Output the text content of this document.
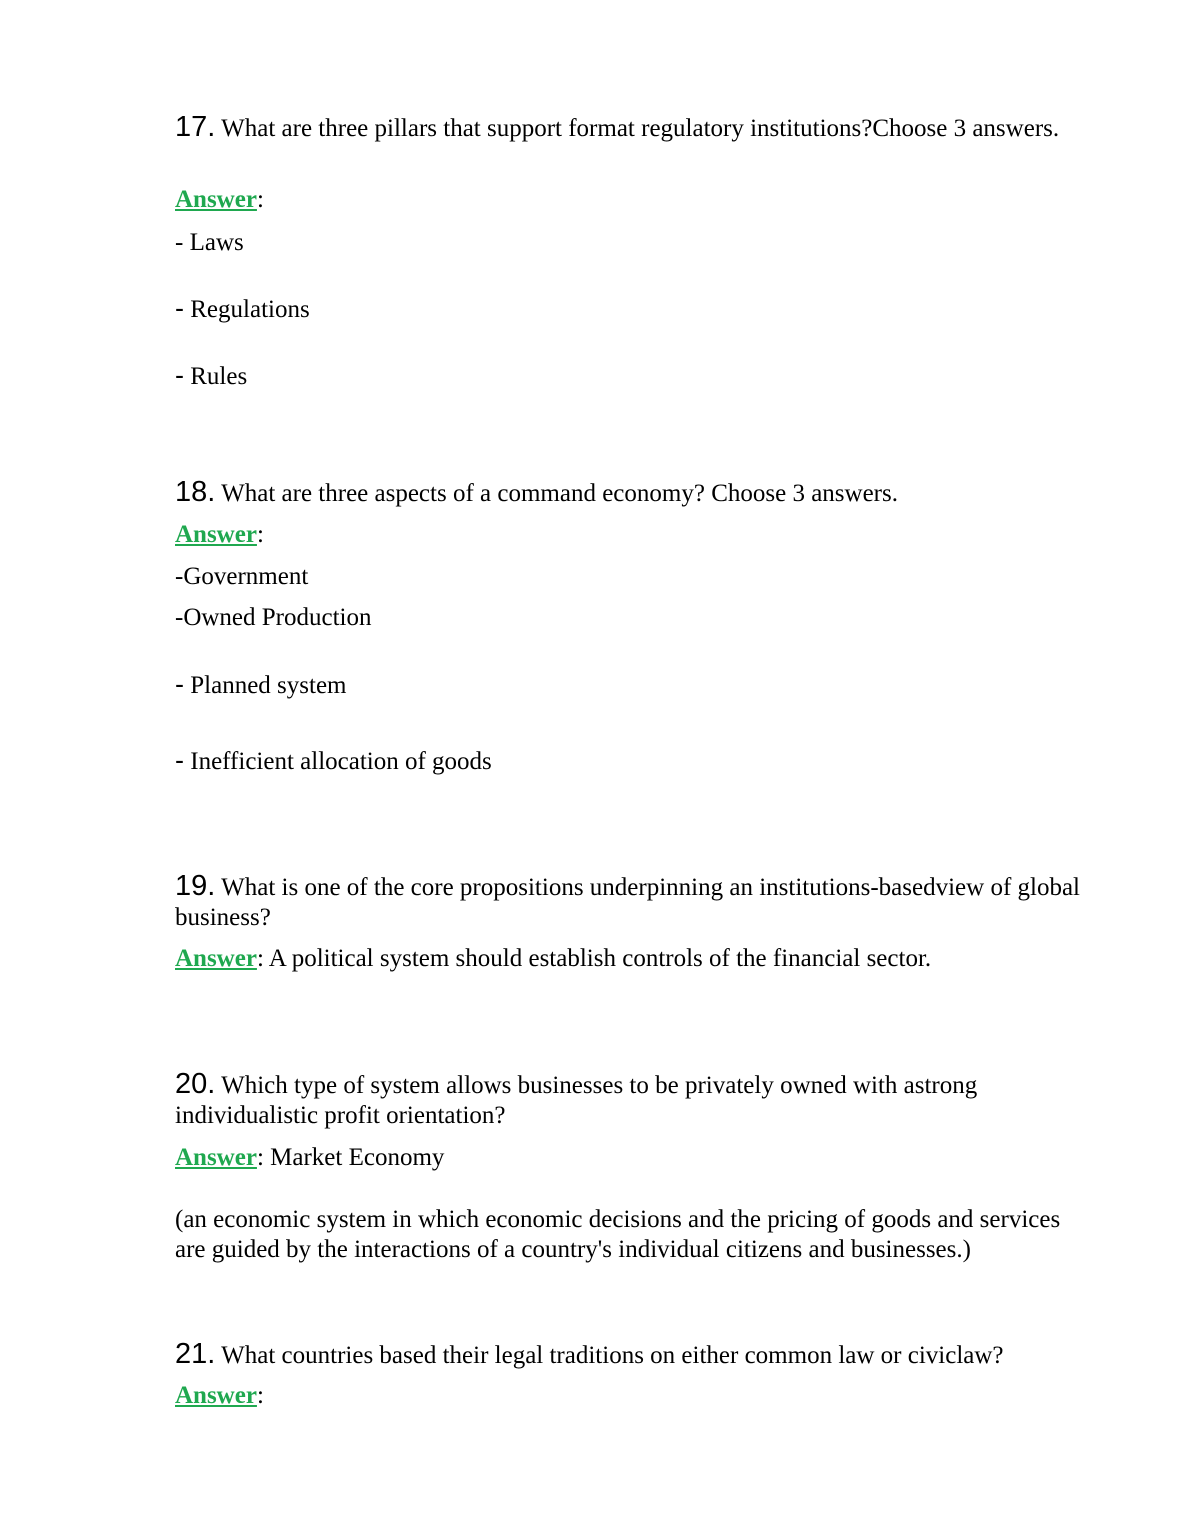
17. What are three pillars that support format regulatory institutions?Choose 3 answers.

Answer:

- Laws

- Regulations

- Rules

18. What are three aspects of a command economy? Choose 3 answers.

Answer:

-Government

-Owned Production

- Planned system

- Inefficient allocation of goods

19. What is one of the core propositions underpinning an institutions-basedview of global business?

Answer: A political system should establish controls of the financial sector.

20. Which type of system allows businesses to be privately owned with astrong individualistic profit orientation?

Answer: Market Economy

(an economic system in which economic decisions and the pricing of goods and services are guided by the interactions of a country's individual citizens and businesses.)

21. What countries based their legal traditions on either common law or civiclaw?

Answer:
